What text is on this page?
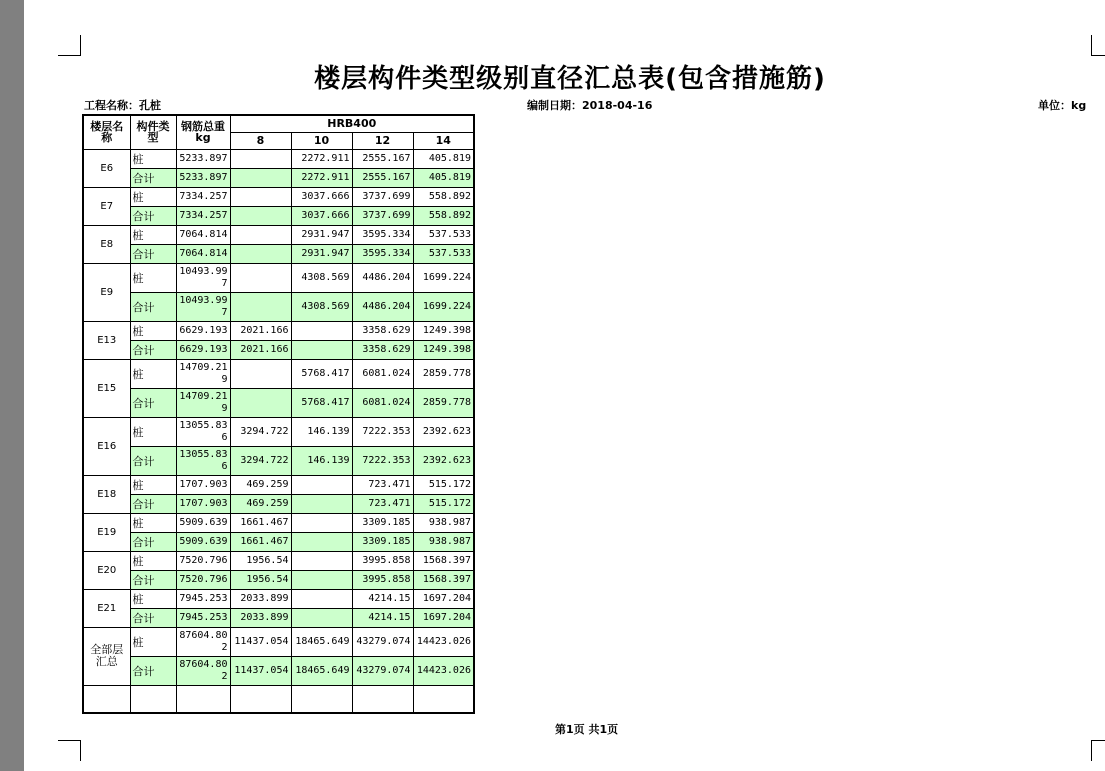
楼层构件类型级别直径汇总表(包含措施筋)
工程名称：孔桩	编制日期：2018-04-16	单位：kg
楼层名称	构件类型	钢筋总重kg	HRB400			
			8	10	12	14
E6	桩	5233.897		2272.911	2555.167	405.819
	合计	5233.897		2272.911	2555.167	405.819
E7	桩	7334.257		3037.666	3737.699	558.892
	合计	7334.257		3037.666	3737.699	558.892
E8	桩	7064.814		2931.947	3595.334	537.533
	合计	7064.814		2931.947	3595.334	537.533
E9	桩	10493.997		4308.569	4486.204	1699.224
	合计	10493.997		4308.569	4486.204	1699.224
E13	桩	6629.193	2021.166		3358.629	1249.398
	合计	6629.193	2021.166		3358.629	1249.398
E15	桩	14709.219		5768.417	6081.024	2859.778
	合计	14709.219		5768.417	6081.024	2859.778
E16	桩	13055.836	3294.722	146.139	7222.353	2392.623
	合计	13055.836	3294.722	146.139	7222.353	2392.623
E18	桩	1707.903	469.259		723.471	515.172
	合计	1707.903	469.259		723.471	515.172
E19	桩	5909.639	1661.467		3309.185	938.987
	合计	5909.639	1661.467		3309.185	938.987
E20	桩	7520.796	1956.54		3995.858	1568.397
	合计	7520.796	1956.54		3995.858	1568.397
E21	桩	7945.253	2033.899		4214.15	1697.204
	合计	7945.253	2033.899		4214.15	1697.204
全部层汇总	桩	87604.802	11437.054	18465.649	43279.074	14423.026
	合计	87604.802	11437.054	18465.649	43279.074	14423.026

第1页 共1页
